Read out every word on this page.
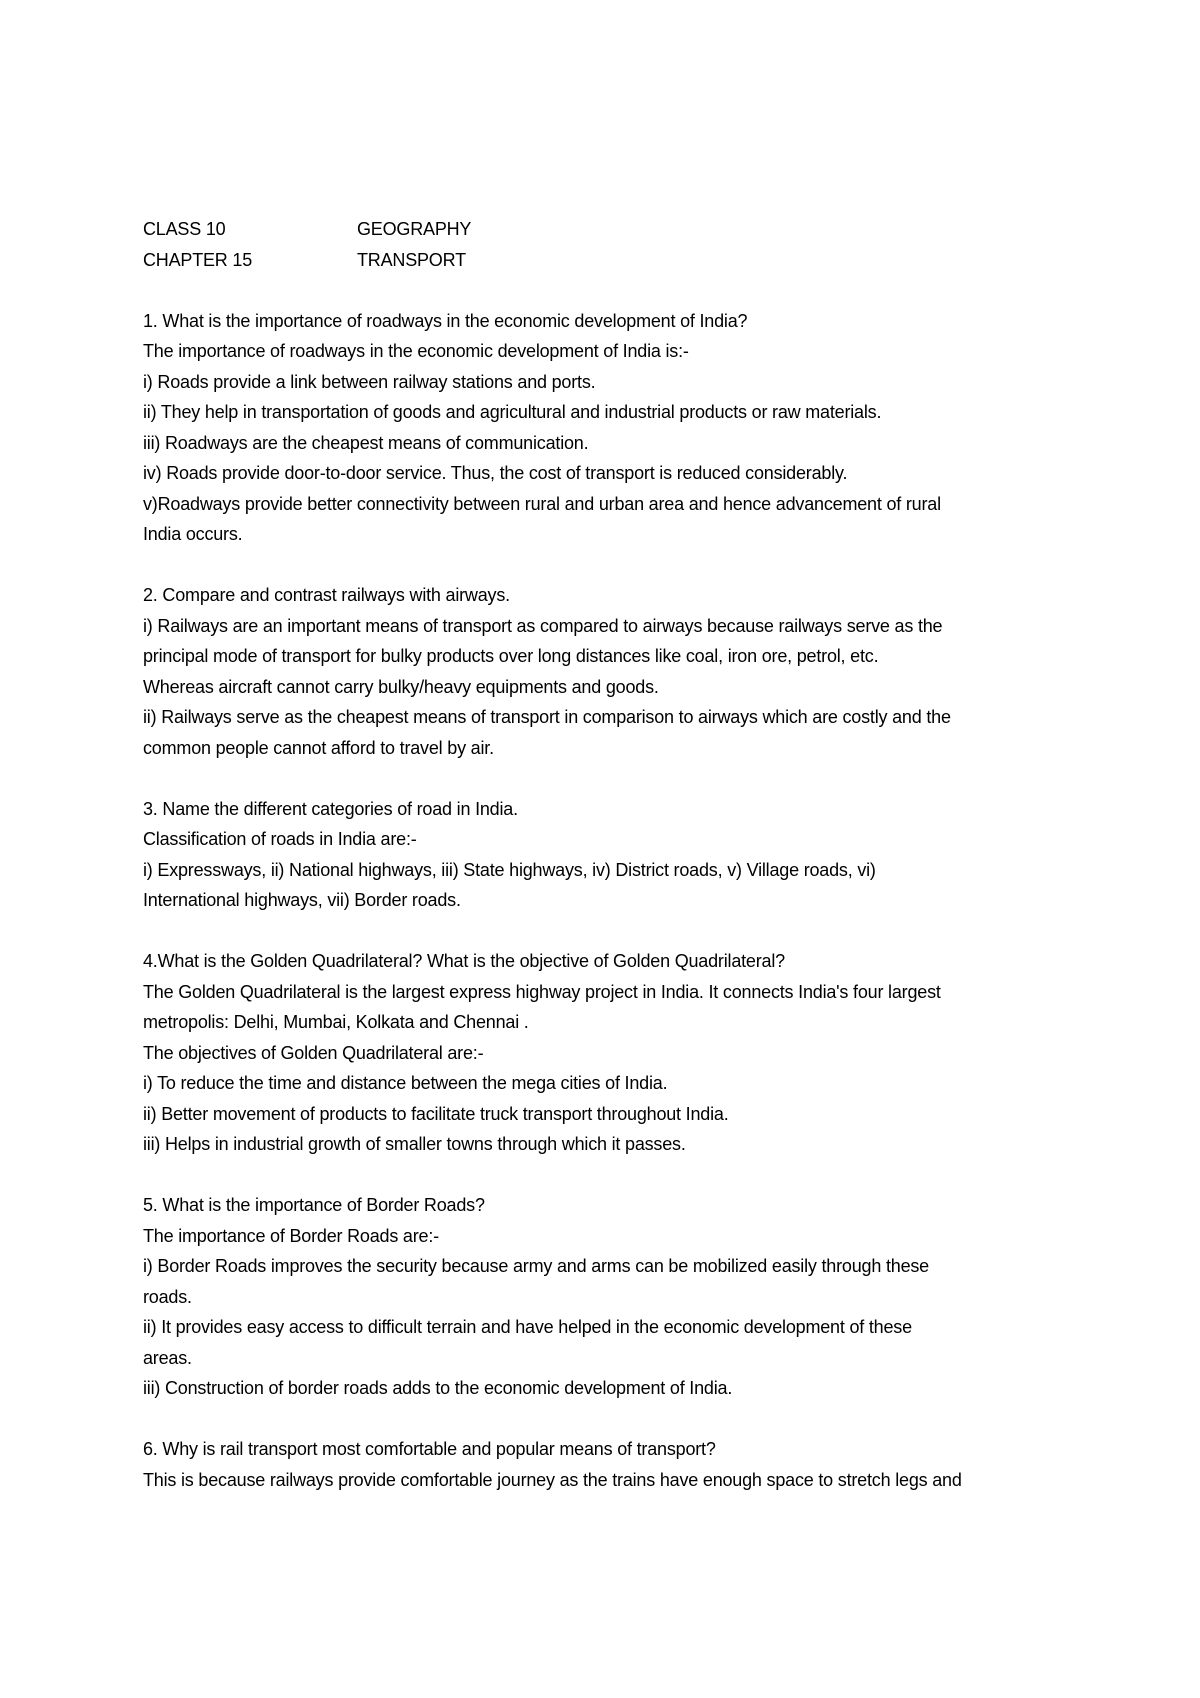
CLASS 10	GEOGRAPHY
CHAPTER 15	TRANSPORT
1. What is the importance of roadways in the economic development of India?
The importance of roadways in the economic development of India is:-
i) Roads provide a link between railway stations and ports.
ii) They help in transportation of goods and agricultural and industrial products or raw materials.
iii) Roadways are the cheapest means of communication.
iv) Roads provide door-to-door service. Thus, the cost of transport is reduced considerably.
v)Roadways provide better connectivity between rural and urban area and hence advancement of rural
India occurs.
2. Compare and contrast railways with airways.
i) Railways are an important means of transport as compared to airways because railways serve as the
principal mode of transport for bulky products over long distances like coal, iron ore, petrol, etc.
Whereas aircraft cannot carry bulky/heavy equipments and goods.
ii) Railways serve as the cheapest means of transport in comparison to airways which are costly and the
common people cannot afford to travel by air.
3. Name the different categories of road in India.
Classification of roads in India are:-
i) Expressways, ii) National highways, iii) State highways, iv) District roads, v) Village roads, vi)
International highways, vii) Border roads.
4.What is the Golden Quadrilateral? What is the objective of Golden Quadrilateral?
The Golden Quadrilateral is the largest express highway project in India. It connects India's four largest
metropolis: Delhi, Mumbai, Kolkata and Chennai .
The objectives of Golden Quadrilateral are:-
i) To reduce the time and distance between the mega cities of India.
ii) Better movement of products to facilitate truck transport throughout India.
iii) Helps in industrial growth of smaller towns through which it passes.
5. What is the importance of Border Roads?
The importance of Border Roads are:-
i) Border Roads improves the security because army and arms can be mobilized easily through these
roads.
ii) It provides easy access to difficult terrain and have helped in the economic development of these
areas.
iii) Construction of border roads adds to the economic development of India.
6. Why is rail transport most comfortable and popular means of transport?
This is because railways provide comfortable journey as the trains have enough space to stretch legs and
